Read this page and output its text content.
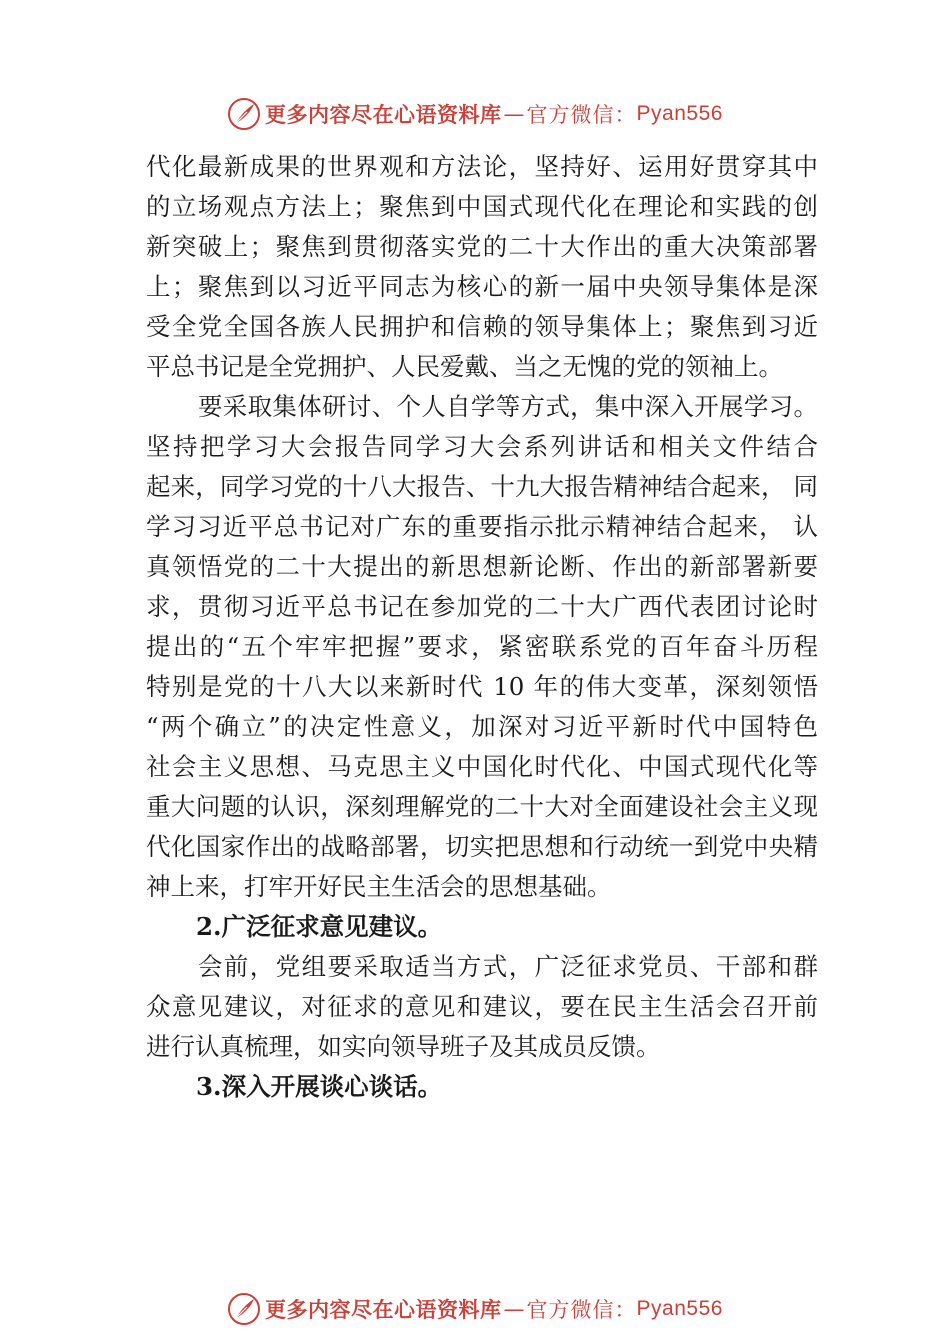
更多内容尽在心语资料库 — 官方微信： Pyan556
代化最新成果的世界观和方法论，坚持好、运用好贯穿其中
的立场观点方法上；聚焦到中国式现代化在理论和实践的创
新突破上；聚焦到贯彻落实党的二十大作出的重大决策部署
上；聚焦到以习近平同志为核心的新一届中央领导集体是深
受全党全国各族人民拥护和信赖的领导集体上；聚焦到习近
平总书记是全党拥护、人民爱戴、当之无愧的党的领袖上。
要采取集体研讨、个人自学等方式，集中深入开展学习。
坚持把学习大会报告同学习大会系列讲话和相关文件结合
起来，同学习党的十八大报告、十九大报告精神结合起来， 同
学习习近平总书记对广东的重要指示批示精神结合起来， 认
真领悟党的二十大提出的新思想新论断、作出的新部署新要
求，贯彻习近平总书记在参加党的二十大广西代表团讨论时
提出的“五个牢牢把握”要求，紧密联系党的百年奋斗历程
特别是党的十八大以来新时代 10 年的伟大变革，深刻领悟
“两个确立”的决定性意义，加深对习近平新时代中国特色
社会主义思想、马克思主义中国化时代化、中国式现代化等
重大问题的认识，深刻理解党的二十大对全面建设社会主义现
代化国家作出的战略部署，切实把思想和行动统一到党中央精
神上来，打牢开好民主生活会的思想基础。
2.广泛征求意见建议。
会前，党组要采取适当方式，广泛征求党员、干部和群
众意见建议，对征求的意见和建议，要在民主生活会召开前
进行认真梳理，如实向领导班子及其成员反馈。
3.深入开展谈心谈话。
更多内容尽在心语资料库 — 官方微信： Pyan556
